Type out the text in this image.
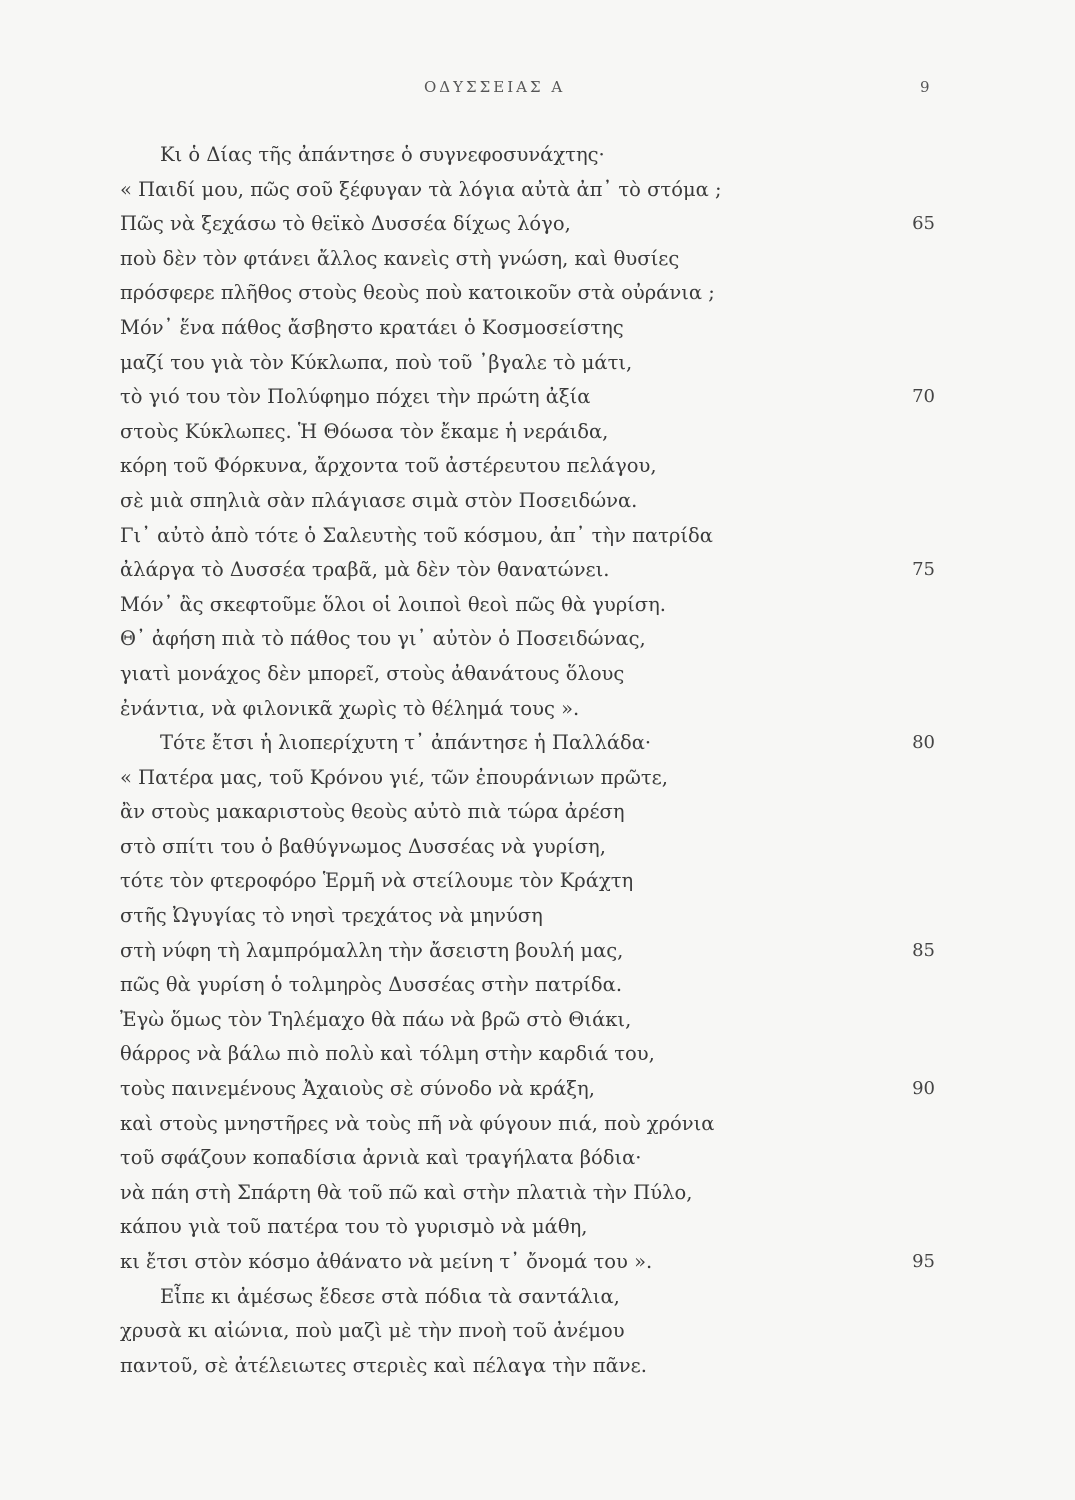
ΟΔΥΣΣΕΙΑΣ Α	9
Κι ὁ Δίας τῆς ἀπάντησε ὁ συγνεφοσυνάχτης·
« Παιδί μου, πῶς σοῦ ξέφυγαν τὰ λόγια αὐτὰ ἀπ᾽ τὸ στόμα ;
Πῶς νὰ ξεχάσω τὸ θεϊκὸ Δυσσέα δίχως λόγο,	65
ποὺ δὲν τὸν φτάνει ἄλλος κανεὶς στὴ γνώση, καὶ θυσίες
πρόσφερε πλῆθος στοὺς θεοὺς ποὺ κατοικοῦν στὰ οὐράνια ;
Μόν᾽ ἕνα πάθος ἄσβηστο κρατάει ὁ Κοσμοσείστης
μαζί του γιὰ τὸν Κύκλωπα, ποὺ τοῦ ᾽βγαλε τὸ μάτι,
τὸ γιό του τὸν Πολύφημο πόχει τὴν πρώτη ἀξία	70
στοὺς Κύκλωπες. Ἡ Θόωσα τὸν ἔκαμε ἡ νεράιδα,
κόρη τοῦ Φόρκυνα, ἄρχοντα τοῦ ἀστέρευτου πελάγου,
σὲ μιὰ σπηλιὰ σὰν πλάγιασε σιμὰ στὸν Ποσειδώνα.
Γι᾽ αὐτὸ ἀπὸ τότε ὁ Σαλευτὴς τοῦ κόσμου, ἀπ᾽ τὴν πατρίδα
ἀλάργα τὸ Δυσσέα τραβᾶ, μὰ δὲν τὸν θανατώνει.	75
Μόν᾽ ἂς σκεφτοῦμε ὅλοι οἱ λοιποὶ θεοὶ πῶς θὰ γυρίση.
Θ᾽ ἀφήση πιὰ τὸ πάθος του γι᾽ αὐτὸν ὁ Ποσειδώνας,
γιατὶ μονάχος δὲν μπορεῖ, στοὺς ἀθανάτους ὅλους
ἐνάντια, νὰ φιλονικᾶ χωρὶς τὸ θέλημά τους ».
Τότε ἔτσι ἡ λιοπερίχυτη τ᾽ ἀπάντησε ἡ Παλλάδα·	80
« Πατέρα μας, τοῦ Κρόνου γιέ, τῶν ἐπουράνιων πρῶτε,
ἂν στοὺς μακαριστοὺς θεοὺς αὐτὸ πιὰ τώρα ἀρέση
στὸ σπίτι του ὁ βαθύγνωμος Δυσσέας νὰ γυρίση,
τότε τὸν φτεροφόρο Ἑρμῆ νὰ στείλουμε τὸν Κράχτη
στῆς Ὠγυγίας τὸ νησὶ τρεχάτος νὰ μηνύση
στὴ νύφη τὴ λαμπρόμαλλη τὴν ἄσειστη βουλή μας,	85
πῶς θὰ γυρίση ὁ τολμηρὸς Δυσσέας στὴν πατρίδα.
Ἐγὼ ὅμως τὸν Τηλέμαχο θὰ πάω νὰ βρῶ στὸ Θιάκι,
θάρρος νὰ βάλω πιὸ πολὺ καὶ τόλμη στὴν καρδιά του,
τοὺς παινεμένους Ἀχαιοὺς σὲ σύνοδο νὰ κράξη,	90
καὶ στοὺς μνηστῆρες νὰ τοὺς πῆ νὰ φύγουν πιά, ποὺ χρόνια
τοῦ σφάζουν κοπαδίσια ἀρνιὰ καὶ τραγήλατα βόδια·
νὰ πάη στὴ Σπάρτη θὰ τοῦ πῶ καὶ στὴν πλατιὰ τὴν Πύλο,
κάπου γιὰ τοῦ πατέρα του τὸ γυρισμὸ νὰ μάθη,
κι ἔτσι στὸν κόσμο ἀθάνατο νὰ μείνη τ᾽ ὄνομά του ».	95
Εἶπε κι ἀμέσως ἔδεσε στὰ πόδια τὰ σαντάλια,
χρυσὰ κι αἰώνια, ποὺ μαζὶ μὲ τὴν πνοὴ τοῦ ἀνέμου
παντοῦ, σὲ ἀτέλειωτες στεριὲς καὶ πέλαγα τὴν πᾶνε.
